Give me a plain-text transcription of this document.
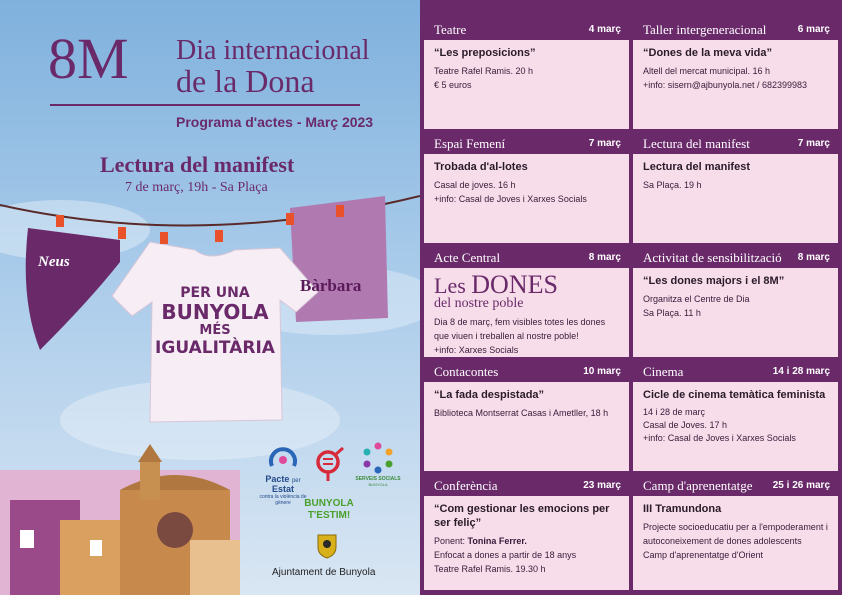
8M Dia internacional
de la Dona
Programa d'actes - Març 2023
Lectura del manifest
7 de març, 19h - Sa Plaça
Neus
Bàrbara
PER UNA
BUNYOLA
MÉS
IGUALITÀRIA
Pacte per Estat
contra la violència de gènere
SERVEIS SOCIALS
BUNYOLA
BUNYOLA
T'ESTIM!
Ajuntament de Bunyola
Teatre	4 març
“Les preposicions”
Teatre Rafel Ramis. 20 h
€ 5 euros
Taller intergeneracional	6 març
“Dones de la meva vida”
Altell del mercat municipal. 16 h
+info: sisern@ajbunyola.net / 682399983
Espai Femení	7 març
Trobada d'al-lotes
Casal de joves. 16 h
+info: Casal de Joves i Xarxes Socials
Lectura del manifest	7 març
Lectura del manifest
Sa Plaça. 19 h
Acte Central	8 març
Les DONES
del nostre poble
Dia 8 de març, fem visibles totes les dones que viuen i treballen al nostre poble!
+info: Xarxes Socials
Activitat de sensibilització 8 març
“Les dones majors i el 8M”
Organitza el Centre de Dia
Sa Plaça. 11 h
Contacontes	10 març
“La fada despistada”
Biblioteca Montserrat Casas i Ametller, 18 h
Cinema	14 i 28 març
Cicle de cinema temàtica feminista
14 i 28 de març
Casal de Joves. 17 h
+info: Casal de Joves i Xarxes Socials
Conferència	23 març
“Com gestionar les emocions per ser feliç”
Ponent: Tonina Ferrer.
Enfocat a dones a partir de 18 anys
Teatre Rafel Ramis. 19.30 h
Camp d'aprenentatge 25 i 26 març
III Tramundona
Projecte socioeducatiu per a l'empoderament i autoconeixement de dones adolescents
Camp d'aprenentatge d'Orient
